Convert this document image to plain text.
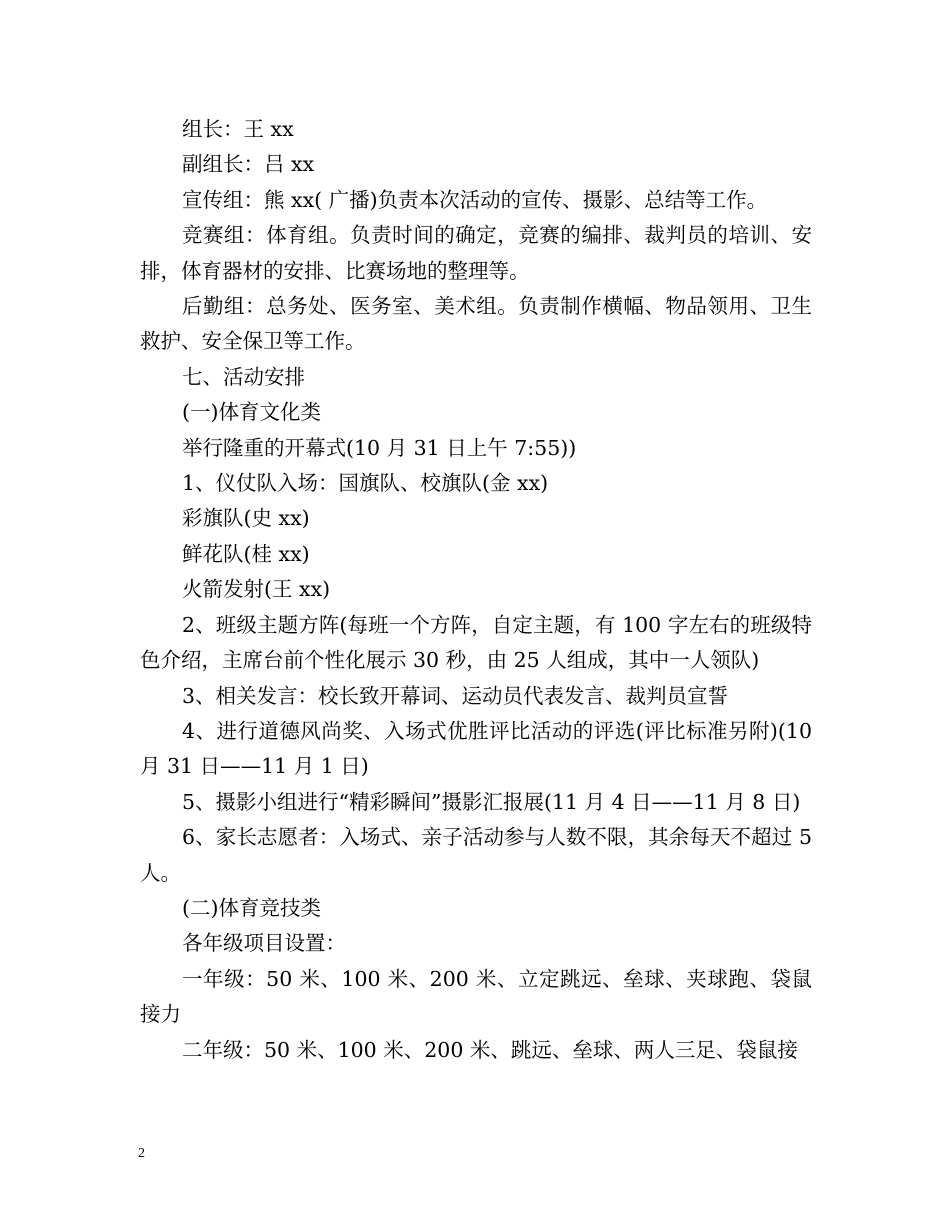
组长：王 xx

副组长：吕 xx

宣传组：熊 xx( 广播)负责本次活动的宣传、摄影、总结等工作。

竞赛组：体育组。负责时间的确定，竞赛的编排、裁判员的培训、安排，体育器材的安排、比赛场地的整理等。

后勤组：总务处、医务室、美术组。负责制作横幅、物品领用、卫生救护、安全保卫等工作。

七、活动安排

(一)体育文化类

举行隆重的开幕式(10 月 31 日上午 7:55))

1、仪仗队入场：国旗队、校旗队(金 xx)

彩旗队(史 xx)

鲜花队(桂 xx)

火箭发射(王 xx)

2、班级主题方阵(每班一个方阵，自定主题，有 100 字左右的班级特色介绍，主席台前个性化展示 30 秒，由 25 人组成，其中一人领队)

3、相关发言：校长致开幕词、运动员代表发言、裁判员宣誓

4、进行道德风尚奖、入场式优胜评比活动的评选(评比标准另附)(10 月 31 日——11 月 1 日)

5、摄影小组进行“精彩瞬间”摄影汇报展(11 月 4 日——11 月 8 日)

6、家长志愿者：入场式、亲子活动参与人数不限，其余每天不超过 5 人。

(二)体育竞技类

各年级项目设置：

一年级：50 米、100 米、200 米、立定跳远、垒球、夹球跑、袋鼠接力

二年级：50 米、100 米、200 米、跳远、垒球、两人三足、袋鼠接

2
